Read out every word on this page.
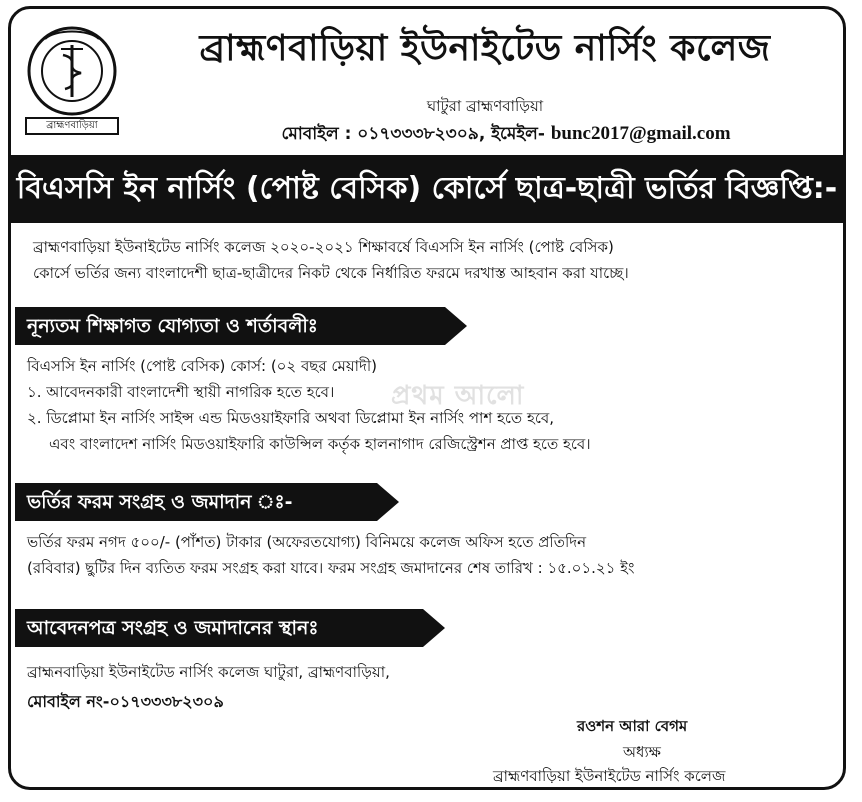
ব্রাহ্মণবাড়িয়া
ব্রাহ্মণবাড়িয়া ইউনাইটেড নার্সিং কলেজ
ঘাটুরা ব্রাহ্মণবাড়িয়া
মোবাইল : ০১৭৩৩৩৮২৩০৯, ইমেইল- bunc2017@gmail.com
বিএসসি ইন নার্সিং (পোষ্ট বেসিক) কোর্সে ছাত্র-ছাত্রী ভর্তির বিজ্ঞপ্তি:-
ব্রাহ্মণবাড়িয়া ইউনাইটেড নার্সিং কলেজ ২০২০-২০২১ শিক্ষাবর্ষে বিএসসি ইন নার্সিং (পোষ্ট বেসিক)
কোর্সে ভর্তির জন্য বাংলাদেশী ছাত্র-ছাত্রীদের নিকট থেকে নির্ধারিত ফরমে দরখাস্ত আহবান করা যাচ্ছে।
নূন্যতম শিক্ষাগত যোগ্যতা ও শর্তাবলীঃ
বিএসসি ইন নার্সিং (পোষ্ট বেসিক) কোর্স: (০২ বছর মেয়াদী)
১. আবেদনকারী বাংলাদেশী স্থায়ী নাগরিক হতে হবে।
২. ডিপ্লোমা ইন নার্সিং সাইন্স এন্ড মিডওয়াইফারি অথবা ডিপ্লোমা ইন নার্সিং পাশ হতে হবে,
এবং বাংলাদেশ নার্সিং মিডওয়াইফারি কাউন্সিল কর্তৃক হালনাগাদ রেজিস্ট্রেশন প্রাপ্ত হতে হবে।
প্রথম আলো
ভর্তির ফরম সংগ্রহ ও জমাদান ঃ-
ভর্তির ফরম নগদ ৫০০/- (পাঁশত) টাকার (অফেরতযোগ্য) বিনিময়ে কলেজ অফিস হতে প্রতিদিন
(রবিবার) ছুটির দিন ব্যতিত ফরম সংগ্রহ করা যাবে। ফরম সংগ্রহ জমাদানের শেষ তারিখ : ১৫.০১.২১ ইং
আবেদনপত্র সংগ্রহ ও জমাদানের স্থানঃ
ব্রাহ্মনবাড়িয়া ইউনাইটেড নার্সিং কলেজ ঘাটুরা, ব্রাহ্মণবাড়িয়া,
মোবাইল নং-০১৭৩৩৩৮২৩০৯
রওশন আরা বেগম
অধ্যক্ষ
ব্রাহ্মণবাড়িয়া ইউনাইটেড নার্সিং কলেজ
